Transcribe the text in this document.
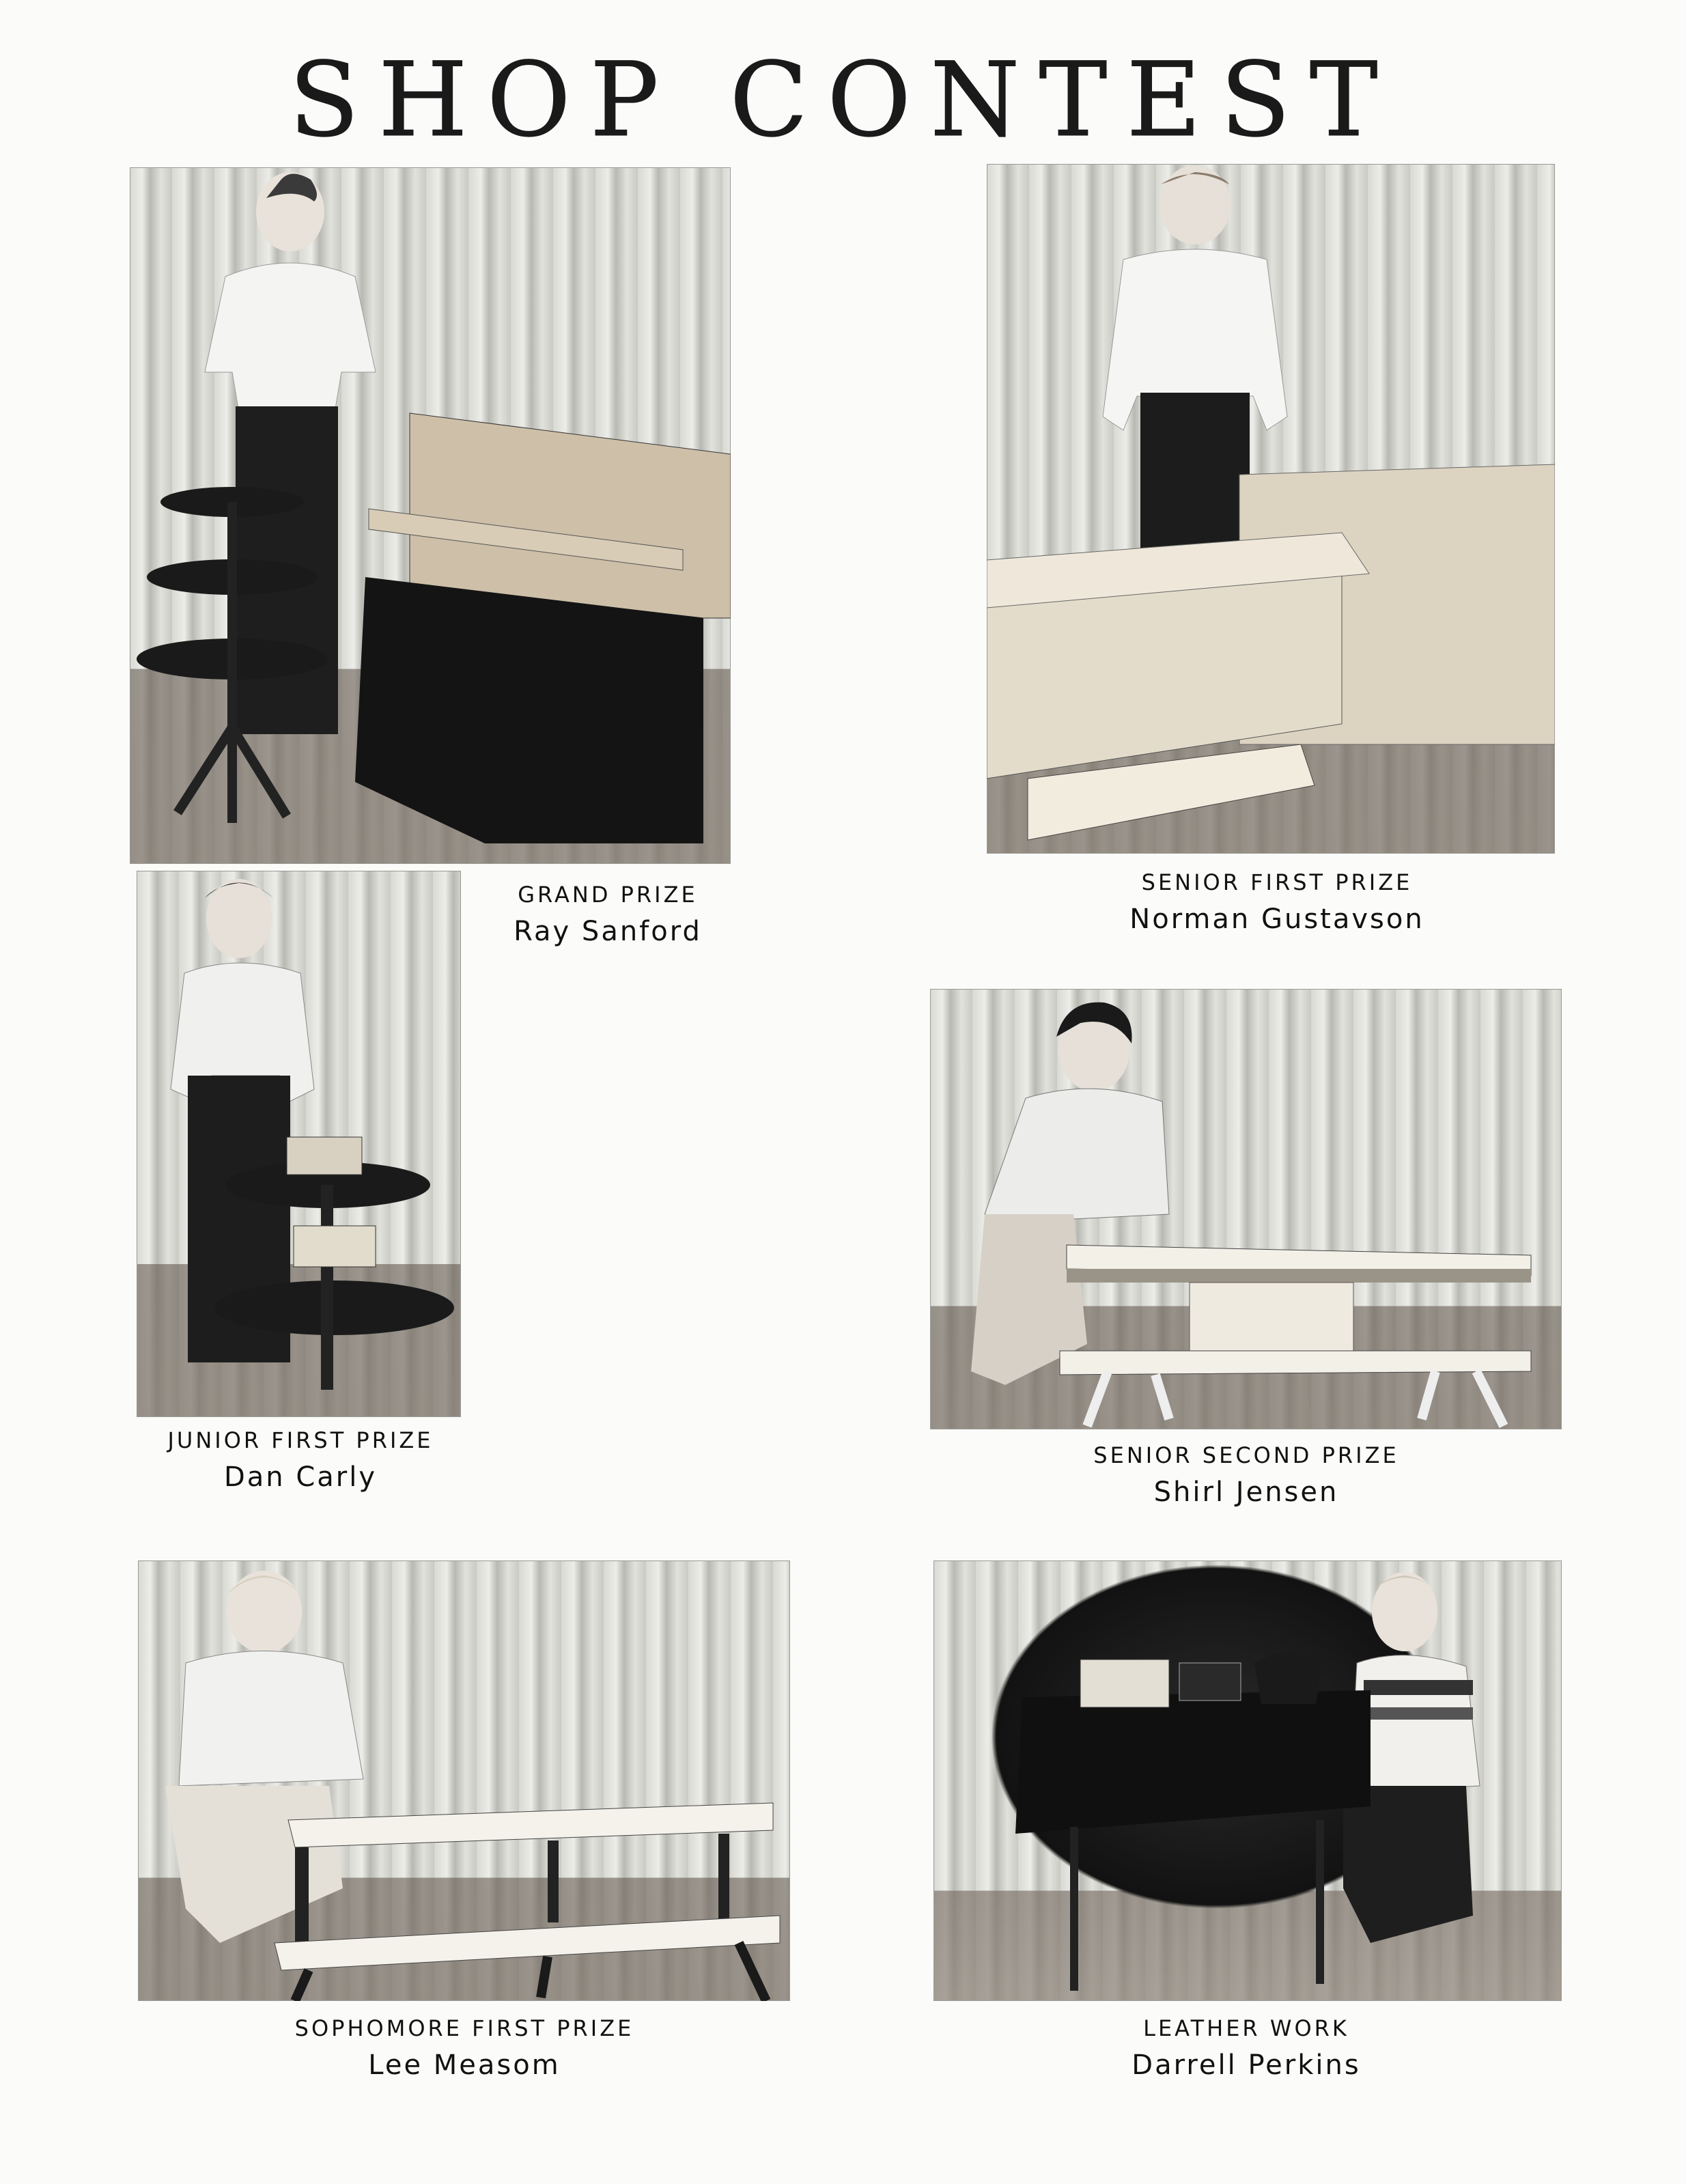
SHOP CONTEST
GRAND PRIZE
Ray Sanford
SENIOR FIRST PRIZE
Norman Gustavson
JUNIOR FIRST PRIZE
Dan Carly
SENIOR SECOND PRIZE
Shirl Jensen
SOPHOMORE FIRST PRIZE
Lee Measom
LEATHER WORK
Darrell Perkins
